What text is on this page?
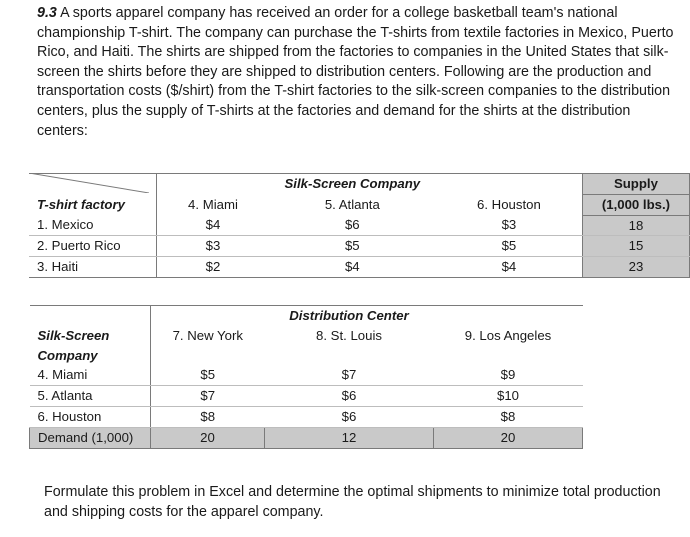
9.3 A sports apparel company has received an order for a college basketball team's national championship T-shirt. The company can purchase the T-shirts from textile factories in Mexico, Puerto Rico, and Haiti. The shirts are shipped from the factories to companies in the United States that silk-screen the shirts before they are shipped to distribution centers. Following are the production and transportation costs ($/shirt) from the T-shirt factories to the silk-screen companies to the distribution centers, plus the supply of T-shirts at the factories and demand for the shirts at the distribution centers:
		Silk-Screen Company		Supply
T-shirt factory	4. Miami	5. Atlanta	6. Houston	(1,000 lbs.)
1. Mexico	$4	$6	$3	18
2. Puerto Rico	$3	$5	$5	15
3. Haiti	$2	$4	$4	23
		Distribution Center	
Silk-Screen	7. New York	8. St. Louis	9. Los Angeles
Company			
4. Miami	$5	$7	$9
5. Atlanta	$7	$6	$10
6. Houston	$8	$6	$8
Demand (1,000)	20	12	20
Formulate this problem in Excel and determine the optimal shipments to minimize total production and shipping costs for the apparel company.
